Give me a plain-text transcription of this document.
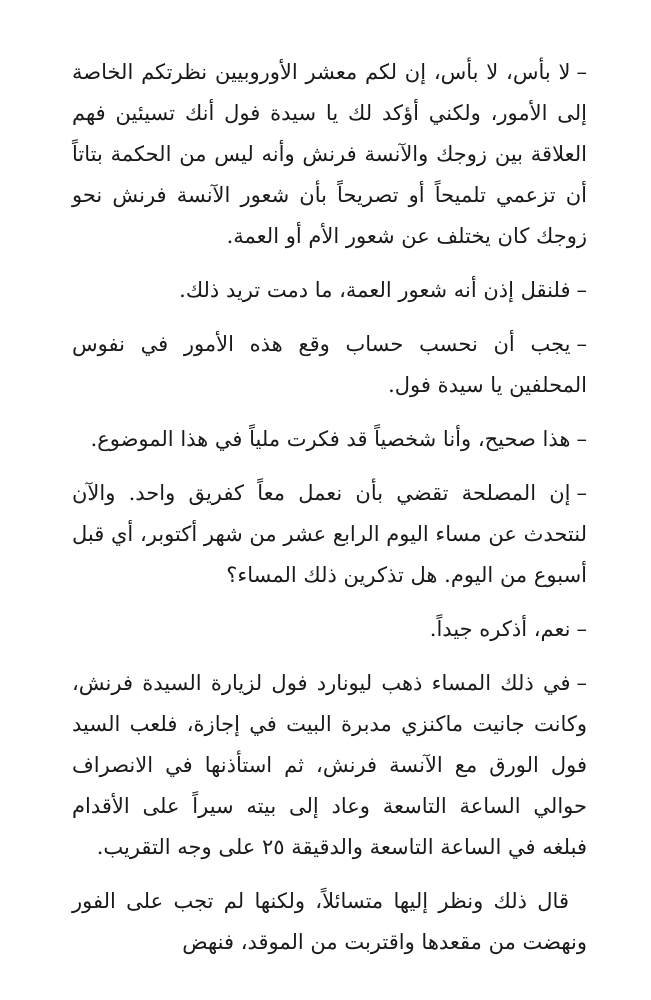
–لا بأس، لا بأس، إن لكم معشر الأوروبيين نظرتكم الخاصة إلى الأمور، ولكني أؤكد لك يا سيدة فول أنك تسيئين فهم العلاقة بين زوجك والآنسة فرنش وأنه ليس من الحكمة بتاتاً أن تزعمي تلميحاً أو تصريحاً بأن شعور الآنسة فرنش نحو زوجك كان يختلف عن شعور الأم أو العمة.

–فلنقل إذن أنه شعور العمة، ما دمت تريد ذلك.

–يجب أن نحسب حساب وقع هذه الأمور في نفوس المحلفين يا سيدة فول.

–هذا صحيح، وأنا شخصياً قد فكرت ملياً في هذا الموضوع.

–إن المصلحة تقضي بأن نعمل معاً كفريق واحد. والآن لنتحدث عن مساء اليوم الرابع عشر من شهر أكتوبر، أي قبل أسبوع من اليوم. هل تذكرين ذلك المساء؟

–نعم، أذكره جيداً.

–في ذلك المساء ذهب ليونارد فول لزيارة السيدة فرنش، وكانت جانيت ماكنزي مدبرة البيت في إجازة، فلعب السيد فول الورق مع الآنسة فرنش، ثم استأذنها في الانصراف حوالي الساعة التاسعة وعاد إلى بيته سيراً على الأقدام فبلغه في الساعة التاسعة والدقيقة ٢٥ على وجه التقريب.

قال ذلك ونظر إليها متسائلاً، ولكنها لم تجب على الفور ونهضت من مقعدها واقتربت من الموقد، فنهض
